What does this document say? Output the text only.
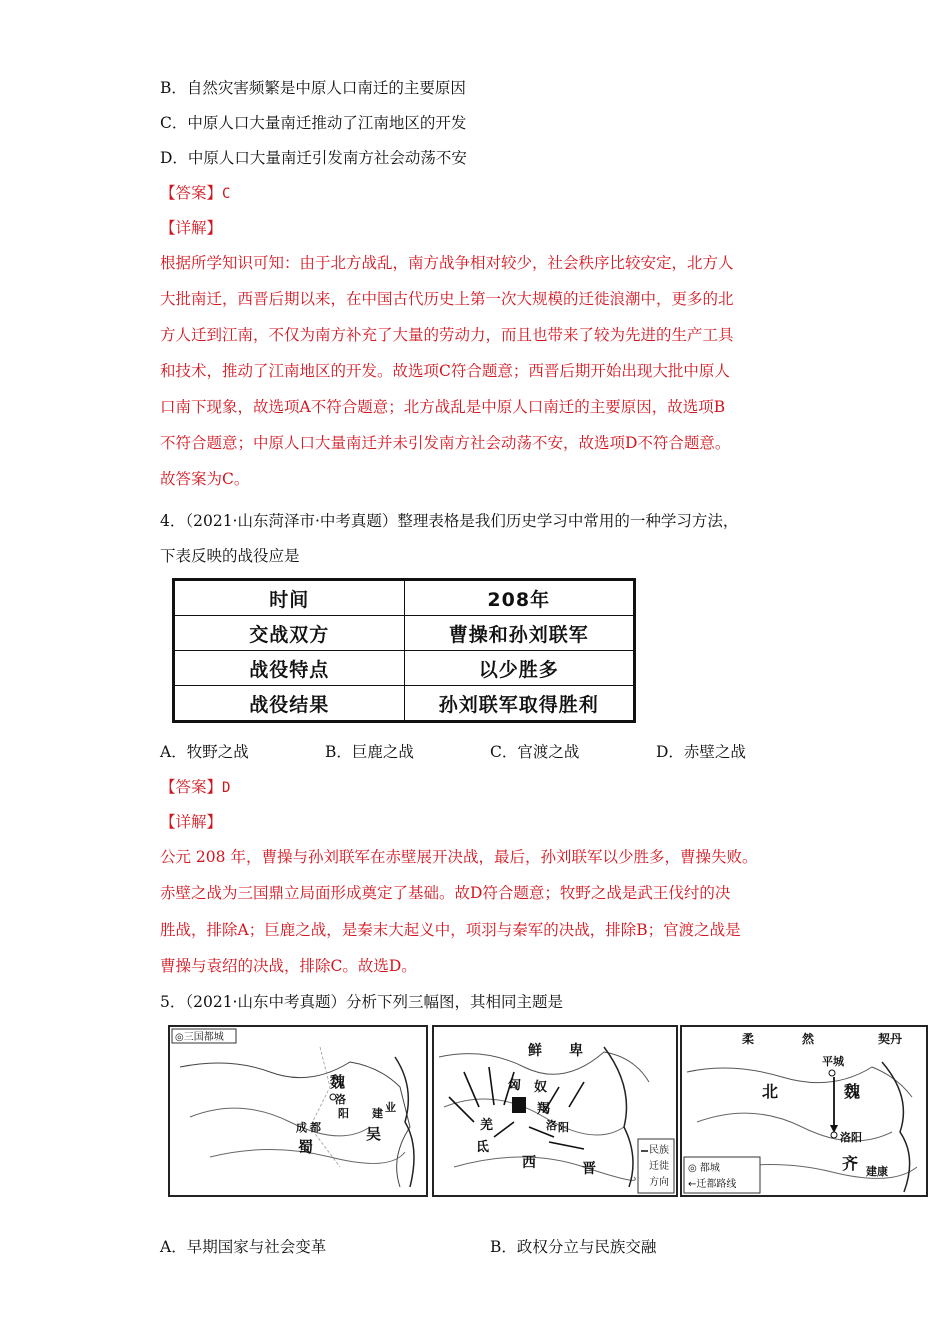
B．自然灾害频繁是中原人口南迁的主要原因
C．中原人口大量南迁推动了江南地区的开发
D．中原人口大量南迁引发南方社会动荡不安
【答案】C
【详解】
根据所学知识可知：由于北方战乱，南方战争相对较少，社会秩序比较安定，北方人
大批南迁，西晋后期以来，在中国古代历史上第一次大规模的迁徙浪潮中，更多的北
方人迁到江南，不仅为南方补充了大量的劳动力，而且也带来了较为先进的生产工具
和技术，推动了江南地区的开发。故选项C符合题意；西晋后期开始出现大批中原人
口南下现象，故选项A不符合题意；北方战乱是中原人口南迁的主要原因，故选项B
不符合题意；中原人口大量南迁并未引发南方社会动荡不安，故选项D不符合题意。
故答案为C。
4．（2021·山东菏泽市·中考真题）整理表格是我们历史学习中常用的一种学习方法，
下表反映的战役应是
时间	208年
交战双方	曹操和孙刘联军
战役特点	以少胜多
战役结果	孙刘联军取得胜利
A．牧野之战	B．巨鹿之战	C．官渡之战	D．赤壁之战
【答案】D
【详解】
公元 208 年，曹操与孙刘联军在赤壁展开决战，最后，孙刘联军以少胜多，曹操失败。
赤壁之战为三国鼎立局面形成奠定了基础。故D符合题意；牧野之战是武王伐纣的决
胜战，排除A；巨鹿之战，是秦末大起义中，项羽与秦军的决战，排除B；官渡之战是
曹操与袁绍的决战，排除C。故选D。
5．（2021·山东中考真题）分析下列三幅图，其相同主题是
◎三国都城
魏
洛
阳
成 都
蜀
建 业
吴
鲜 卑
匈 奴
羯
羌
氐
洛 阳
西	晋
民族
迁徙
方向
柔	然	契丹
平城
北	魏
洛阳
齐 建康
◎ 都城
←迁都路线
A．早期国家与社会变革	B．政权分立与民族交融
